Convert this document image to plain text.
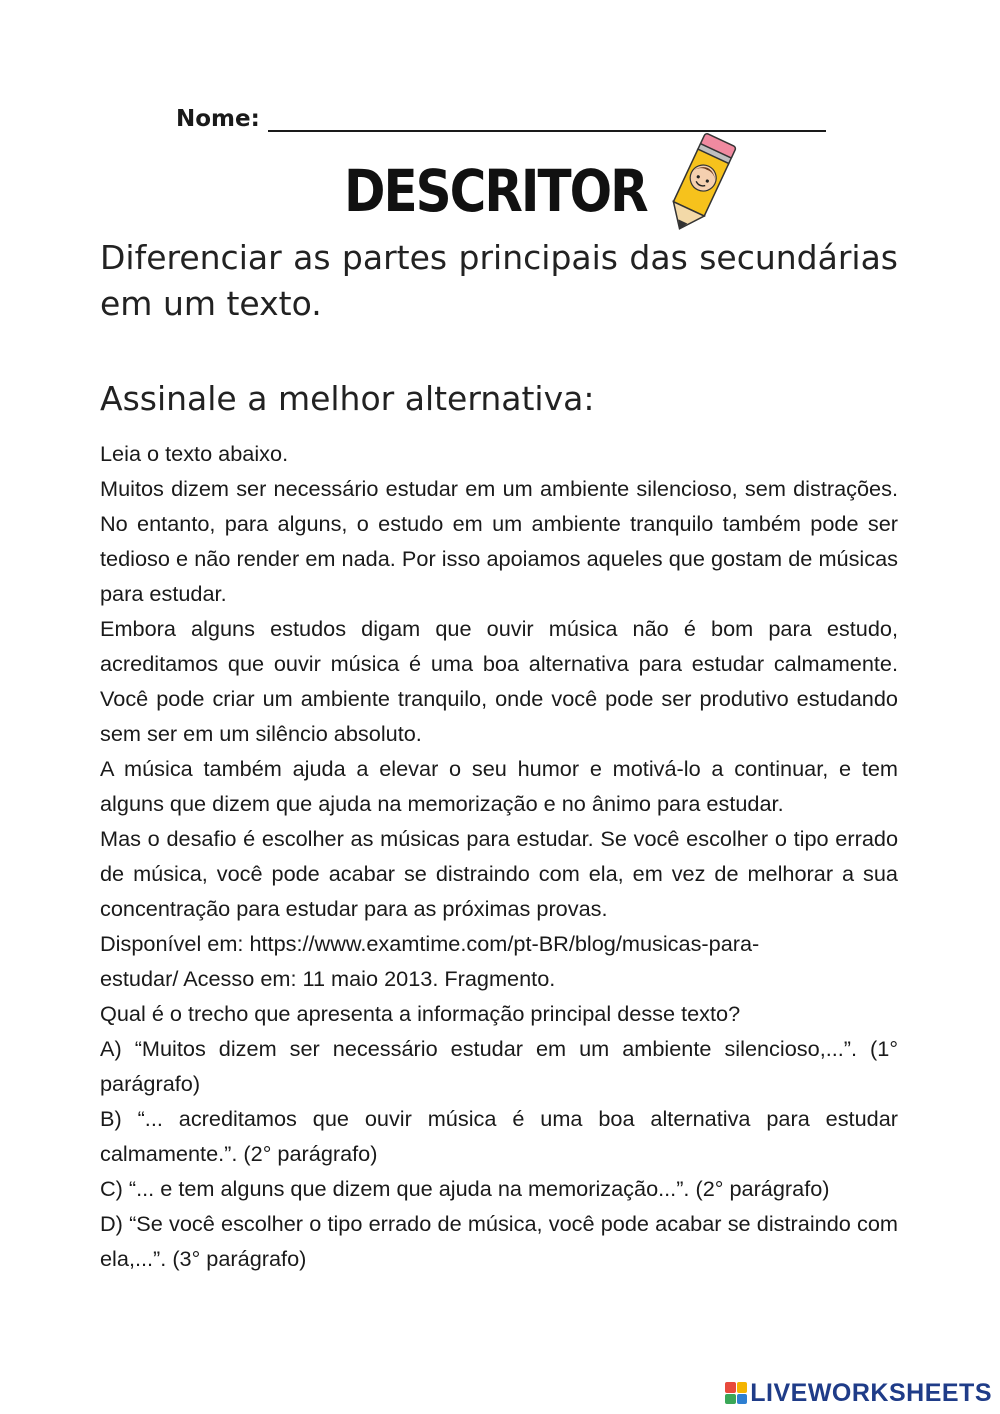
Nome:
DESCRITOR
Diferenciar as partes principais das secundárias em um texto.
Assinale a melhor alternativa:

Leia o texto abaixo.

Muitos dizem ser necessário estudar em um ambiente silencioso, sem distrações. No entanto, para alguns, o estudo em um ambiente tranquilo também pode ser tedioso e não render em nada. Por isso apoiamos aqueles que gostam de músicas para estudar.

Embora alguns estudos digam que ouvir música não é bom para estudo, acreditamos que ouvir música é uma boa alternativa para estudar calmamente. Você pode criar um ambiente tranquilo, onde você pode ser produtivo estudando sem ser em um silêncio absoluto.

A música também ajuda a elevar o seu humor e motivá-lo a continuar, e tem alguns que dizem que ajuda na memorização e no ânimo para estudar.

Mas o desafio é escolher as músicas para estudar. Se você escolher o tipo errado de música, você pode acabar se distraindo com ela, em vez de melhorar a sua concentração para estudar para as próximas provas.

Disponível em: https://www.examtime.com/pt-BR/blog/musicas-para-

estudar/ Acesso em: 11 maio 2013. Fragmento.

Qual é o trecho que apresenta a informação principal desse texto?

A) “Muitos dizem ser necessário estudar em um ambiente silencioso,...”. (1° parágrafo)

B) “... acreditamos que ouvir música é uma boa alternativa para estudar calmamente.”. (2° parágrafo)

C) “... e tem alguns que dizem que ajuda na memorização...”. (2° parágrafo)

D) “Se você escolher o tipo errado de música, você pode acabar se distraindo com ela,...”. (3° parágrafo)

LIVEWORKSHEETS
